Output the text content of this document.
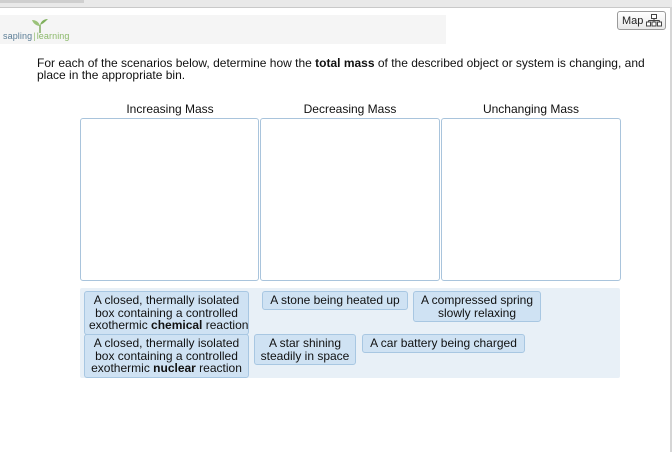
sapling|learning
Map
For each of the scenarios below, determine how the total mass of the described object or system is changing, and place in the appropriate bin.
Increasing Mass	Decreasing Mass	Unchanging Mass
A closed, thermally isolated
box containing a controlled
exothermic chemical reaction
A stone being heated up A compressed spring
slowly relaxing
A closed, thermally isolated
box containing a controlled
exothermic nuclear reaction
A star shining
steadily in space
A car battery being charged
